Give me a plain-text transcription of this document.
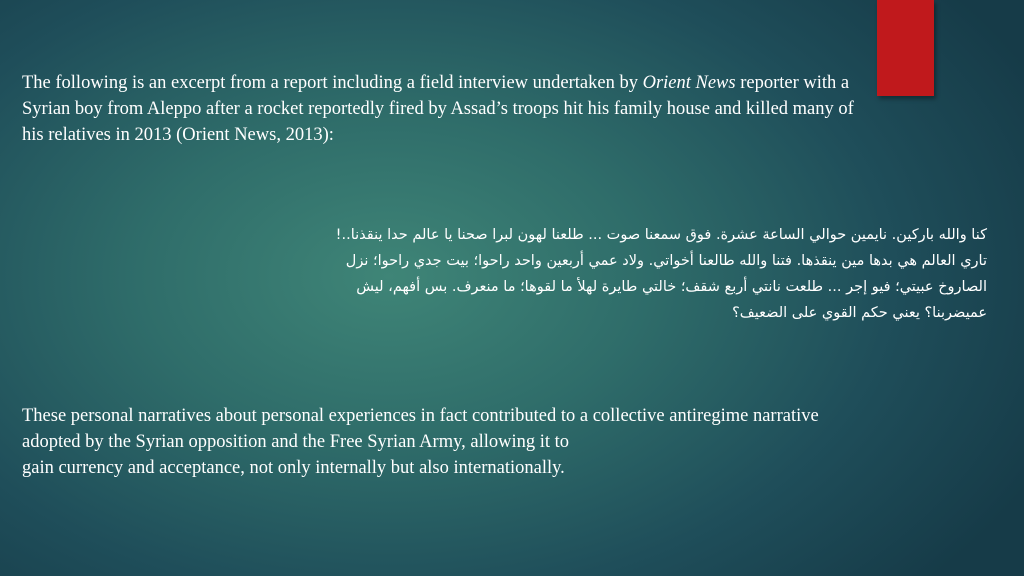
The following is an excerpt from a report including a field interview undertaken by Orient News reporter with a Syrian boy from Aleppo after a rocket reportedly fired by Assad’s troops hit his family house and killed many of his relatives in 2013 (Orient News, 2013):
كنا والله باركين. نايمين حوالي الساعة عشرة. فوق سمعنا صوت ... طلعنا لهون لبرا صحنا يا عالم حدا ينقذنا..!
تاري العالم هي بدها مين ينقذها. فتنا والله طالعنا أخواتي. ولاد عمي أربعين واحد راحوا؛ بيت جدي راحوا؛ نزل
الصاروخ عبيتي؛ فيو إجر ... طلعت نانتي أربع شقف؛ خالتي طايرة لهلأ ما لقوها؛ ما منعرف. بس أفهم، ليش
عميضربنا؟ يعني حكم القوي على الضعيف؟
These personal narratives about personal experiences in fact contributed to a collective antiregime narrative
adopted by the Syrian opposition and the Free Syrian Army, allowing it to
gain currency and acceptance, not only internally but also internationally.
